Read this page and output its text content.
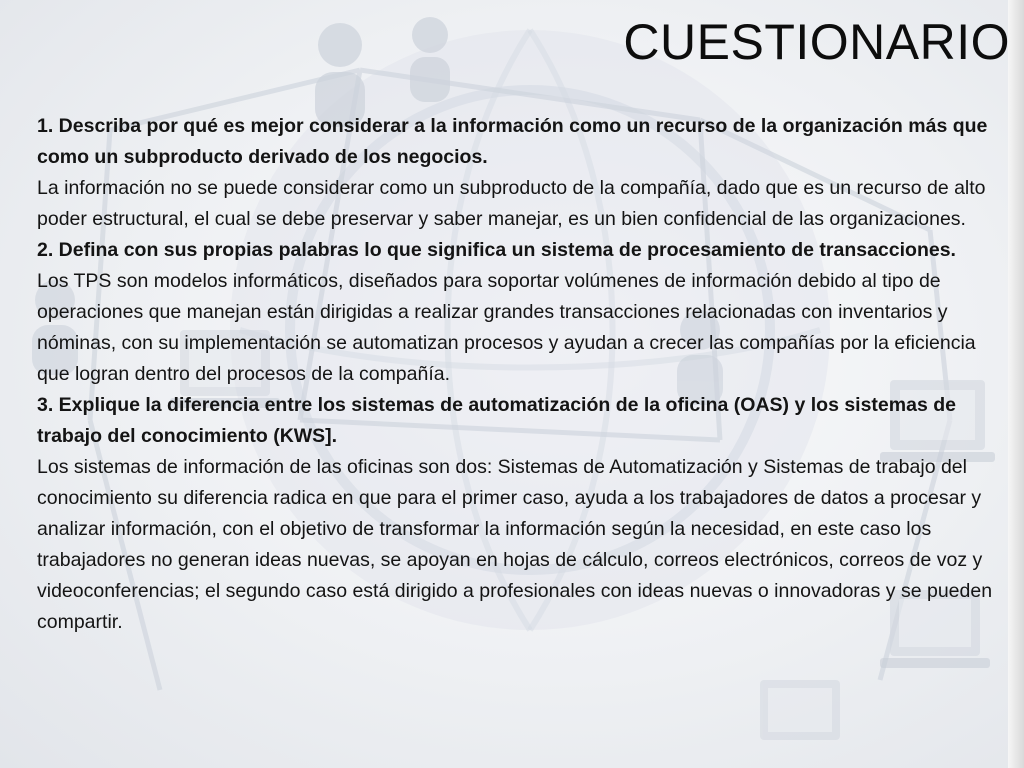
CUESTIONARIO

1. Describa por qué es mejor considerar a la información como un recurso de la organización más que como un subproducto derivado de los negocios.

La información no se puede considerar como un subproducto de la compañía, dado que es un recurso de alto poder estructural, el cual se debe preservar y saber manejar, es un bien confidencial de las organizaciones.

2. Defina con sus propias palabras lo que significa un sistema de procesamiento de transacciones.

Los TPS son modelos informáticos, diseñados para soportar volúmenes de información debido al tipo de operaciones que manejan están dirigidas a realizar grandes transacciones relacionadas con inventarios y nóminas, con su implementación se automatizan procesos y ayudan a crecer las compañías por la eficiencia que logran dentro del procesos de la compañía.

3. Explique la diferencia entre los sistemas de automatización de la oficina (OAS) y los sistemas de trabajo del conocimiento (KWS].

Los sistemas de información de las oficinas son dos: Sistemas de Automatización y Sistemas de trabajo del conocimiento su diferencia radica en que para el primer caso, ayuda a los trabajadores de datos a procesar y analizar información, con el objetivo de transformar la información según la necesidad, en este caso los trabajadores no generan ideas nuevas, se apoyan en hojas de cálculo, correos electrónicos, correos de voz y videoconferencias; el segundo caso está dirigido a profesionales con ideas nuevas o innovadoras y se pueden compartir.
